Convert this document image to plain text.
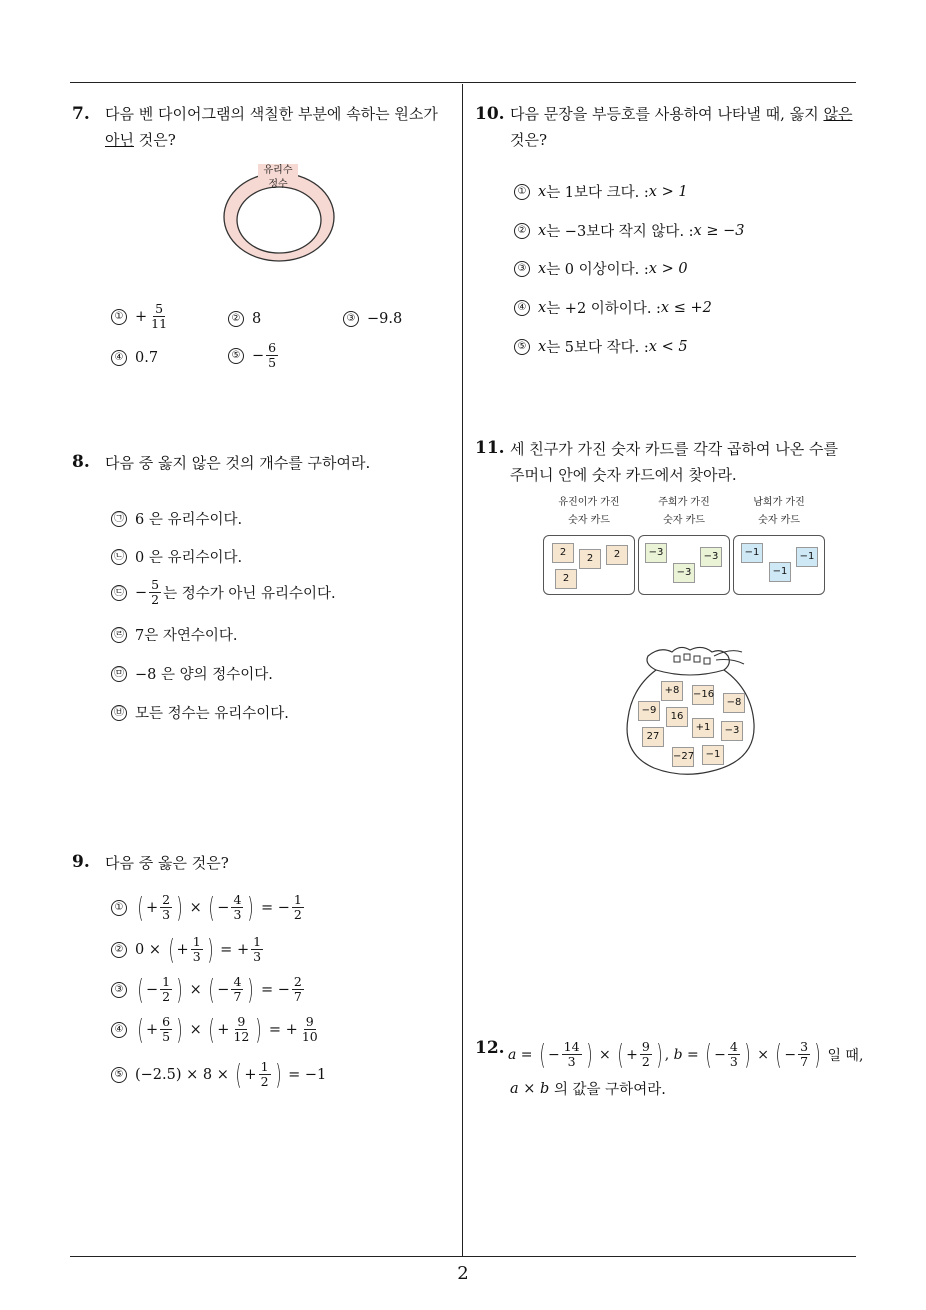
2
7. 다음 벤 다이어그램의 색칠한 부분에 속하는 원소가
아닌 것은?
유리수
정수
① + $\frac{5}{11}$	② 8	③ −9.8
④ 0.7	⑤ − $\frac{6}{5}$
8. 다음 중 옳지 않은 것의 개수를 구하여라.
㉠ 6 은 유리수이다.
㉡ 0 은 유리수이다.
㉢ − $\frac{5}{2}$ 는 정수가 아닌 유리수이다.
㉣ 7은 자연수이다.
㉤ −8 은 양의 정수이다.
㉥ 모든 정수는 유리수이다.
9. 다음 중 옳은 것은?
① ( + $\frac{2}{3}$ ) × ( − $\frac{4}{3}$ ) = − $\frac{1}{2}$
② 0 × ( + $\frac{1}{3}$ ) = + $\frac{1}{3}$
③ ( − $\frac{1}{2}$ ) × ( − $\frac{4}{7}$ ) = − $\frac{2}{7}$
④ ( + $\frac{6}{5}$ ) × ( + $\frac{9}{12}$ ) = + $\frac{9}{10}$
⑤ (−2.5) × 8 × ( + $\frac{1}{2}$ ) = −1
10. 다음 문장을 부등호를 사용하여 나타낼 때, 옳지 않은
것은?
① x 는 1보다 크다. : x > 1
② x 는 −3보다 작지 않다. : x ≥ −3
③ x 는 0 이상이다. : x > 0
④ x 는 +2 이하이다. : x ≤ +2
⑤ x 는 5보다 작다. : x < 5
11. 세 친구가 가진 숫자 카드를 각각 곱하여 나온 수를
주머니 안에 숫자 카드에서 찾아라.
유진이가 가진
숫자 카드
주희가 가진
숫자 카드
남희가 가진
숫자 카드
2
2	2
2
−3	−3
−3
−1	−1
−1
+8	−16
−8
−9
16
+1	−3
27
−27	−1
12. a = ( − $\frac{14}{3}$ ) × ( + $\frac{9}{2}$ ) , b = ( − $\frac{4}{3}$ ) × ( − $\frac{3}{7}$ )
일 때,
a × b
의 값을 구하여라.
